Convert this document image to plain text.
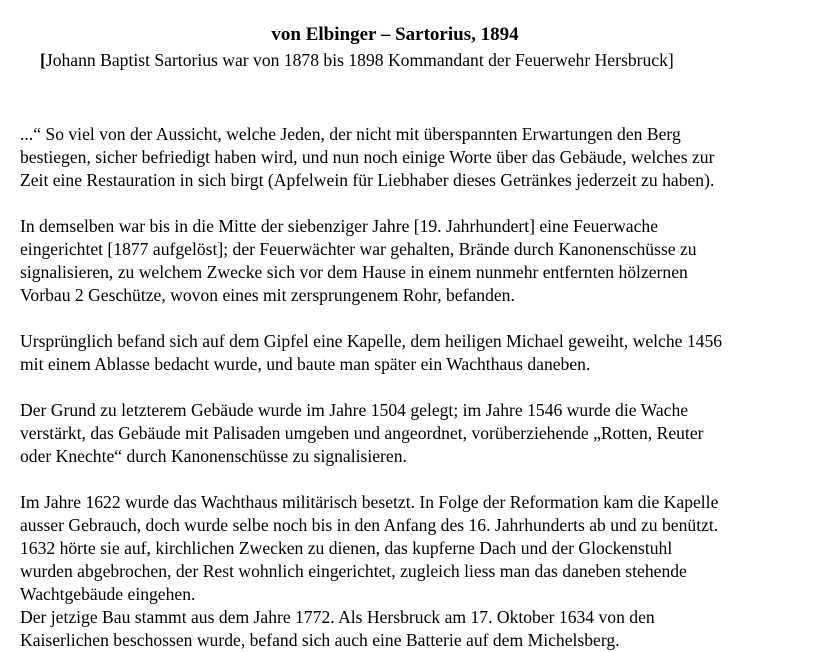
von Elbinger – Sartorius, 1894
[Johann Baptist Sartorius war von 1878 bis 1898 Kommandant der Feuerwehr Hersbruck]

...“ So viel von der Aussicht, welche Jeden, der nicht mit überspannten Erwartungen den Berg
bestiegen, sicher befriedigt haben wird, und nun noch einige Worte über das Gebäude, welches zur
Zeit eine Restauration in sich birgt (Apfelwein für Liebhaber dieses Getränkes jederzeit zu haben).

In demselben war bis in die Mitte der siebenziger Jahre [19. Jahrhundert] eine Feuerwache
eingerichtet [1877 aufgelöst]; der Feuerwächter war gehalten, Brände durch Kanonenschüsse zu
signalisieren, zu welchem Zwecke sich vor dem Hause in einem nunmehr entfernten hölzernen
Vorbau 2 Geschütze, wovon eines mit zersprungenem Rohr, befanden.

Ursprünglich befand sich auf dem Gipfel eine Kapelle, dem heiligen Michael geweiht, welche 1456
mit einem Ablasse bedacht wurde, und baute man später ein Wachthaus daneben.

Der Grund zu letzterem Gebäude wurde im Jahre 1504 gelegt; im Jahre 1546 wurde die Wache
verstärkt, das Gebäude mit Palisaden umgeben und angeordnet, vorüberziehende „Rotten, Reuter
oder Knechte“ durch Kanonenschüsse zu signalisieren.

Im Jahre 1622 wurde das Wachthaus militärisch besetzt. In Folge der Reformation kam die Kapelle
ausser Gebrauch, doch wurde selbe noch bis in den Anfang des 16. Jahrhunderts ab und zu benützt.
1632 hörte sie auf, kirchlichen Zwecken zu dienen, das kupferne Dach und der Glockenstuhl
wurden abgebrochen, der Rest wohnlich eingerichtet, zugleich liess man das daneben stehende
Wachtgebäude eingehen.

Der jetzige Bau stammt aus dem Jahre 1772. Als Hersbruck am 17. Oktober 1634 von den
Kaiserlichen beschossen wurde, befand sich auch eine Batterie auf dem Michelsberg.
